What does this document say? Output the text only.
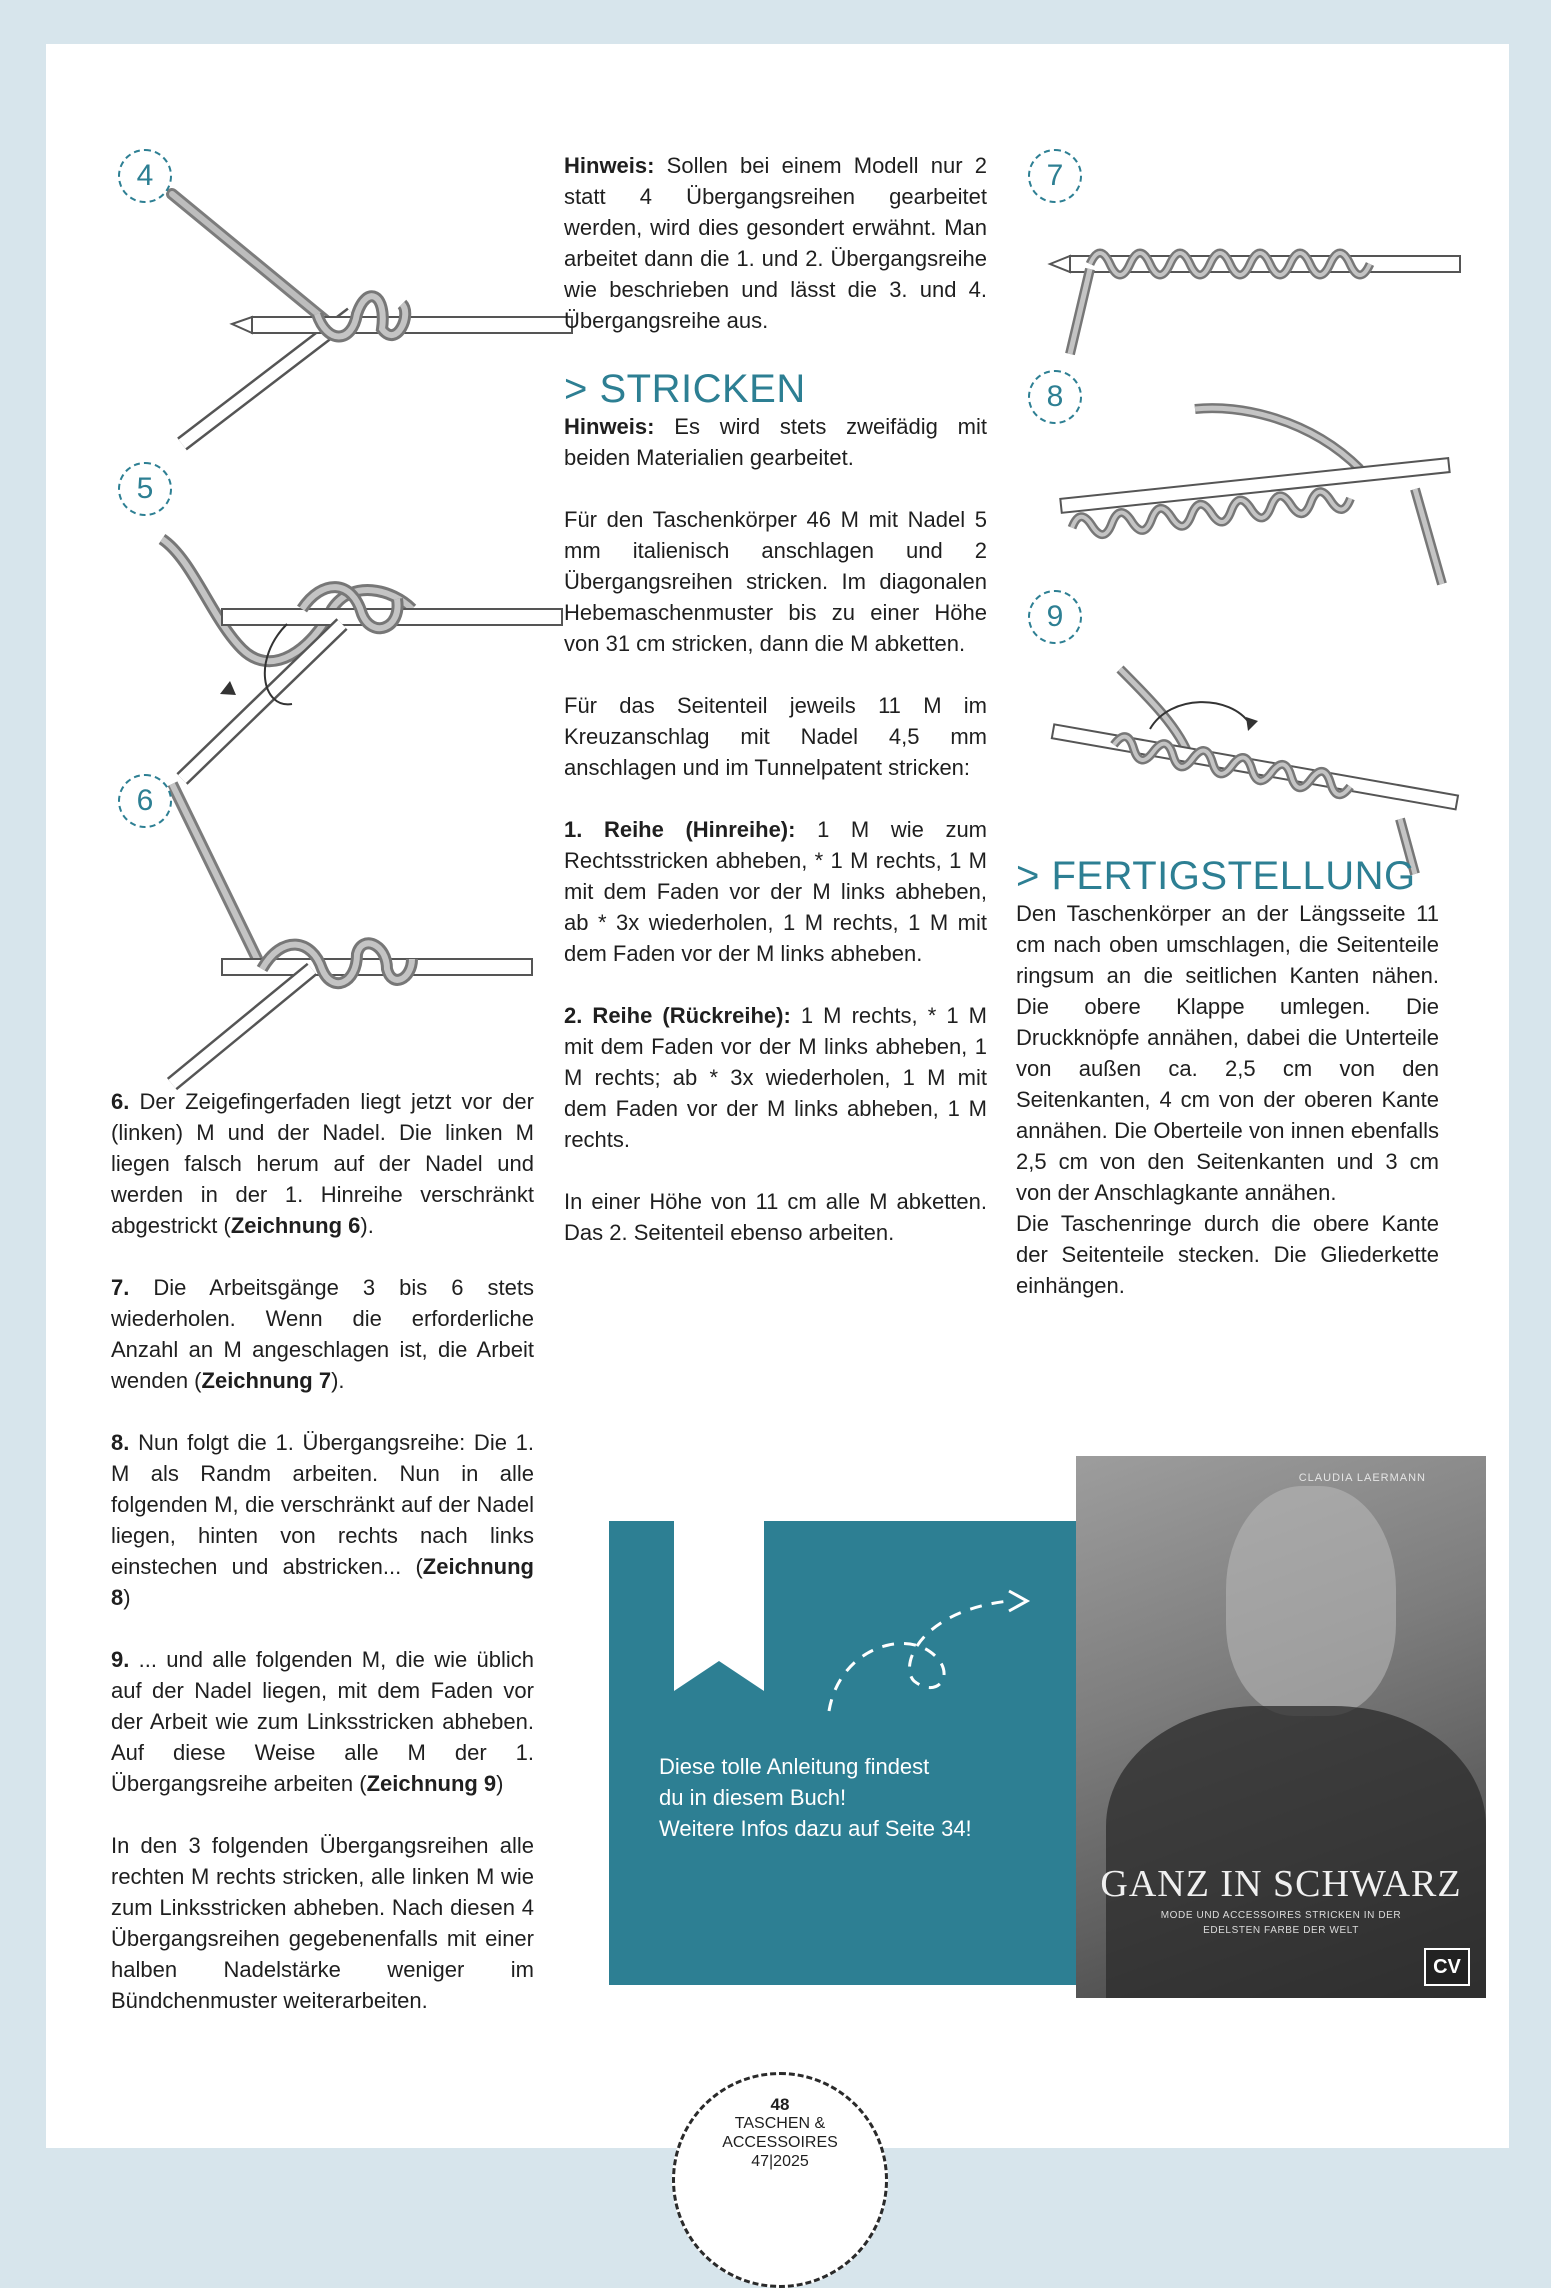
4
5
6
7
8
9

6. Der Zeigefingerfaden liegt jetzt vor der (linken) M und der Nadel. Die linken M liegen falsch herum auf der Nadel und werden in der 1. Hinreihe verschränkt abgestrickt (Zeichnung 6).

7. Die Arbeitsgänge 3 bis 6 stets wiederholen. Wenn die erforderliche Anzahl an M angeschlagen ist, die Arbeit wenden (Zeichnung 7).

8. Nun folgt die 1. Übergangsreihe: Die 1. M als Randm arbeiten. Nun in alle folgenden M, die verschränkt auf der Nadel liegen, hinten von rechts nach links einstechen und abstricken... (Zeichnung 8)

9. ... und alle folgenden M, die wie üblich auf der Nadel liegen, mit dem Faden vor der Arbeit wie zum Linksstricken abheben. Auf diese Weise alle M der 1. Übergangsreihe arbeiten (Zeichnung 9)

In den 3 folgenden Übergangsreihen alle rechten M rechts stricken, alle linken M wie zum Linksstricken abheben. Nach diesen 4 Übergangsreihen gegebenenfalls mit einer halben Nadelstärke weniger im Bündchenmuster weiterarbeiten.

Hinweis: Sollen bei einem Modell nur 2 statt 4 Übergangsreihen gearbeitet werden, wird dies gesondert erwähnt. Man arbeitet dann die 1. und 2. Übergangsreihe wie beschrieben und lässt die 3. und 4. Übergangsreihe aus.

> STRICKEN

Hinweis: Es wird stets zweifädig mit beiden Materialien gearbeitet.

Für den Taschenkörper 46 M mit Nadel 5 mm italienisch anschlagen und 2 Übergangsreihen stricken. Im diagonalen Hebemaschenmuster bis zu einer Höhe von 31 cm stricken, dann die M abketten.

Für das Seitenteil jeweils 11 M im Kreuzanschlag mit Nadel 4,5 mm anschlagen und im Tunnelpatent stricken:

1. Reihe (Hinreihe): 1 M wie zum Rechtsstricken abheben, * 1 M rechts, 1 M mit dem Faden vor der M links abheben, ab * 3x wiederholen, 1 M rechts, 1 M mit dem Faden vor der M links abheben.

2. Reihe (Rückreihe): 1 M rechts, * 1 M mit dem Faden vor der M links abheben, 1 M rechts; ab * 3x wiederholen, 1 M mit dem Faden vor der M links abheben, 1 M rechts.

In einer Höhe von 11 cm alle M abketten. Das 2. Seitenteil ebenso arbeiten.

> FERTIGSTELLUNG

Den Taschenkörper an der Längsseite 11 cm nach oben umschlagen, die Seitenteile ringsum an die seitlichen Kanten nähen. Die obere Klappe umlegen. Die Druckknöpfe annähen, dabei die Unterteile von außen ca. 2,5 cm von den Seitenkanten, 4 cm von der oberen Kante annähen. Die Oberteile von innen ebenfalls 2,5 cm von den Seitenkanten und 3 cm von der Anschlagkante annähen.

Die Taschenringe durch die obere Kante der Seitenteile stecken. Die Gliederkette einhängen.

Diese tolle Anleitung findest
du in diesem Buch!
Weitere Infos dazu auf Seite 34!
CLAUDIA LAERMANN
GANZ IN SCHWARZ
MODE UND ACCESSOIRES STRICKEN IN DER EDELSTEN FARBE DER WELT
CV
48
TASCHEN &
ACCESSOIRES
47|2025
